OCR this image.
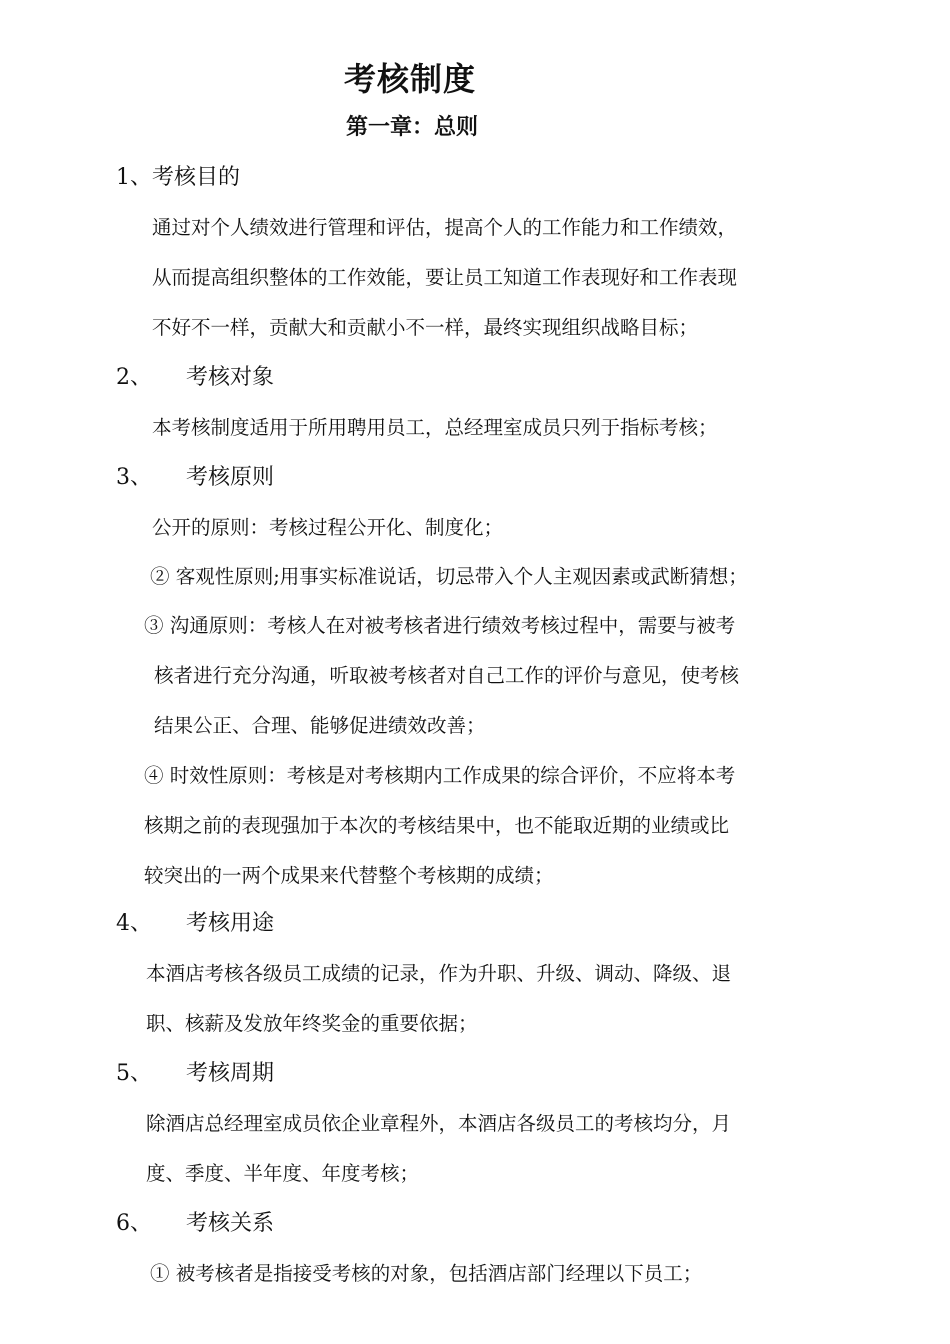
考核制度
第一章：总则
1、考核目的

通过对个人绩效进行管理和评估，提高个人的工作能力和工作绩效，

从而提高组织整体的工作效能，要让员工知道工作表现好和工作表现

不好不一样，贡献大和贡献小不一样，最终实现组织战略目标；

2、 考核对象

本考核制度适用于所用聘用员工，总经理室成员只列于指标考核；

3、 考核原则

公开的原则：考核过程公开化、制度化；

② 客观性原则;用事实标准说话，切忌带入个人主观因素或武断猜想；

③ 沟通原则：考核人在对被考核者进行绩效考核过程中，需要与被考

核者进行充分沟通，听取被考核者对自己工作的评价与意见，使考核

结果公正、合理、能够促进绩效改善；

④ 时效性原则：考核是对考核期内工作成果的综合评价，不应将本考

核期之前的表现强加于本次的考核结果中，也不能取近期的业绩或比

较突出的一两个成果来代替整个考核期的成绩；

4、 考核用途

本酒店考核各级员工成绩的记录，作为升职、升级、调动、降级、退

职、核薪及发放年终奖金的重要依据；

5、 考核周期

除酒店总经理室成员依企业章程外，本酒店各级员工的考核均分，月

度、季度、半年度、年度考核；

6、 考核关系

① 被考核者是指接受考核的对象，包括酒店部门经理以下员工；
